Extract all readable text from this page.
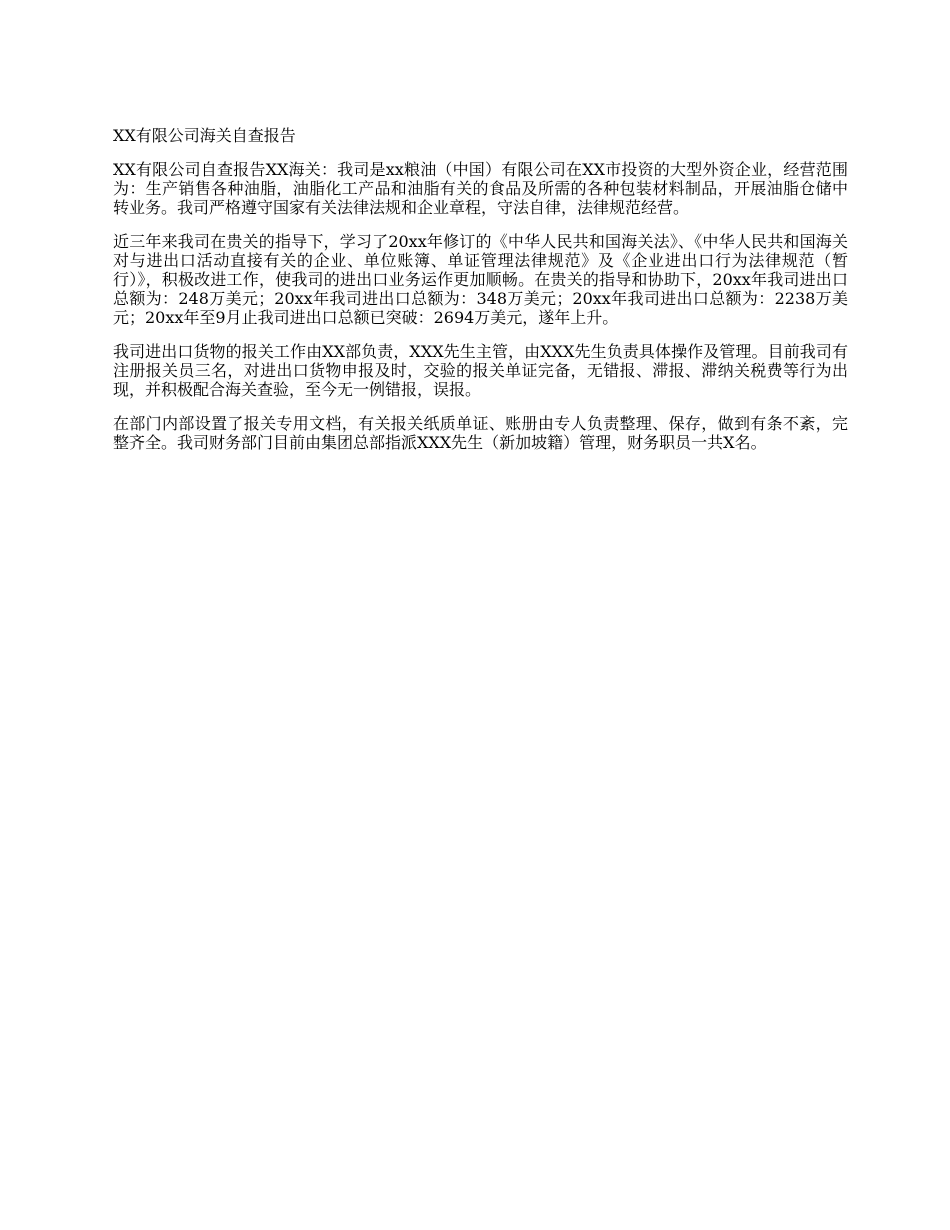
XX有限公司海关自查报告

XX有限公司自查报告XX海关：我司是xx粮油（中国）有限公司在XX市投资的大型外资企业，经营范围为：生产销售各种油脂，油脂化工产品和油脂有关的食品及所需的各种包装材料制品，开展油脂仓储中转业务。我司严格遵守国家有关法律法规和企业章程，守法自律，法律规范经营。

近三年来我司在贵关的指导下，学习了20xx年修订的《中华人民共和国海关法》、《中华人民共和国海关对与进出口活动直接有关的企业、单位账簿、单证管理法律规范》及《企业进出口行为法律规范（暂行）》，积极改进工作，使我司的进出口业务运作更加顺畅。在贵关的指导和协助下，20xx年我司进出口总额为：248万美元；20xx年我司进出口总额为：348万美元；20xx年我司进出口总额为：2238万美元；20xx年至9月止我司进出口总额已突破：2694万美元，遂年上升。

我司进出口货物的报关工作由XX部负责，XXX先生主管，由XXX先生负责具体操作及管理。目前我司有注册报关员三名，对进出口货物申报及时，交验的报关单证完备，无错报、滞报、滞纳关税费等行为出现，并积极配合海关查验，至今无一例错报，误报。

在部门内部设置了报关专用文档，有关报关纸质单证、账册由专人负责整理、保存，做到有条不紊，完整齐全。我司财务部门目前由集团总部指派XXX先生（新加坡籍）管理，财务职员一共X名。
